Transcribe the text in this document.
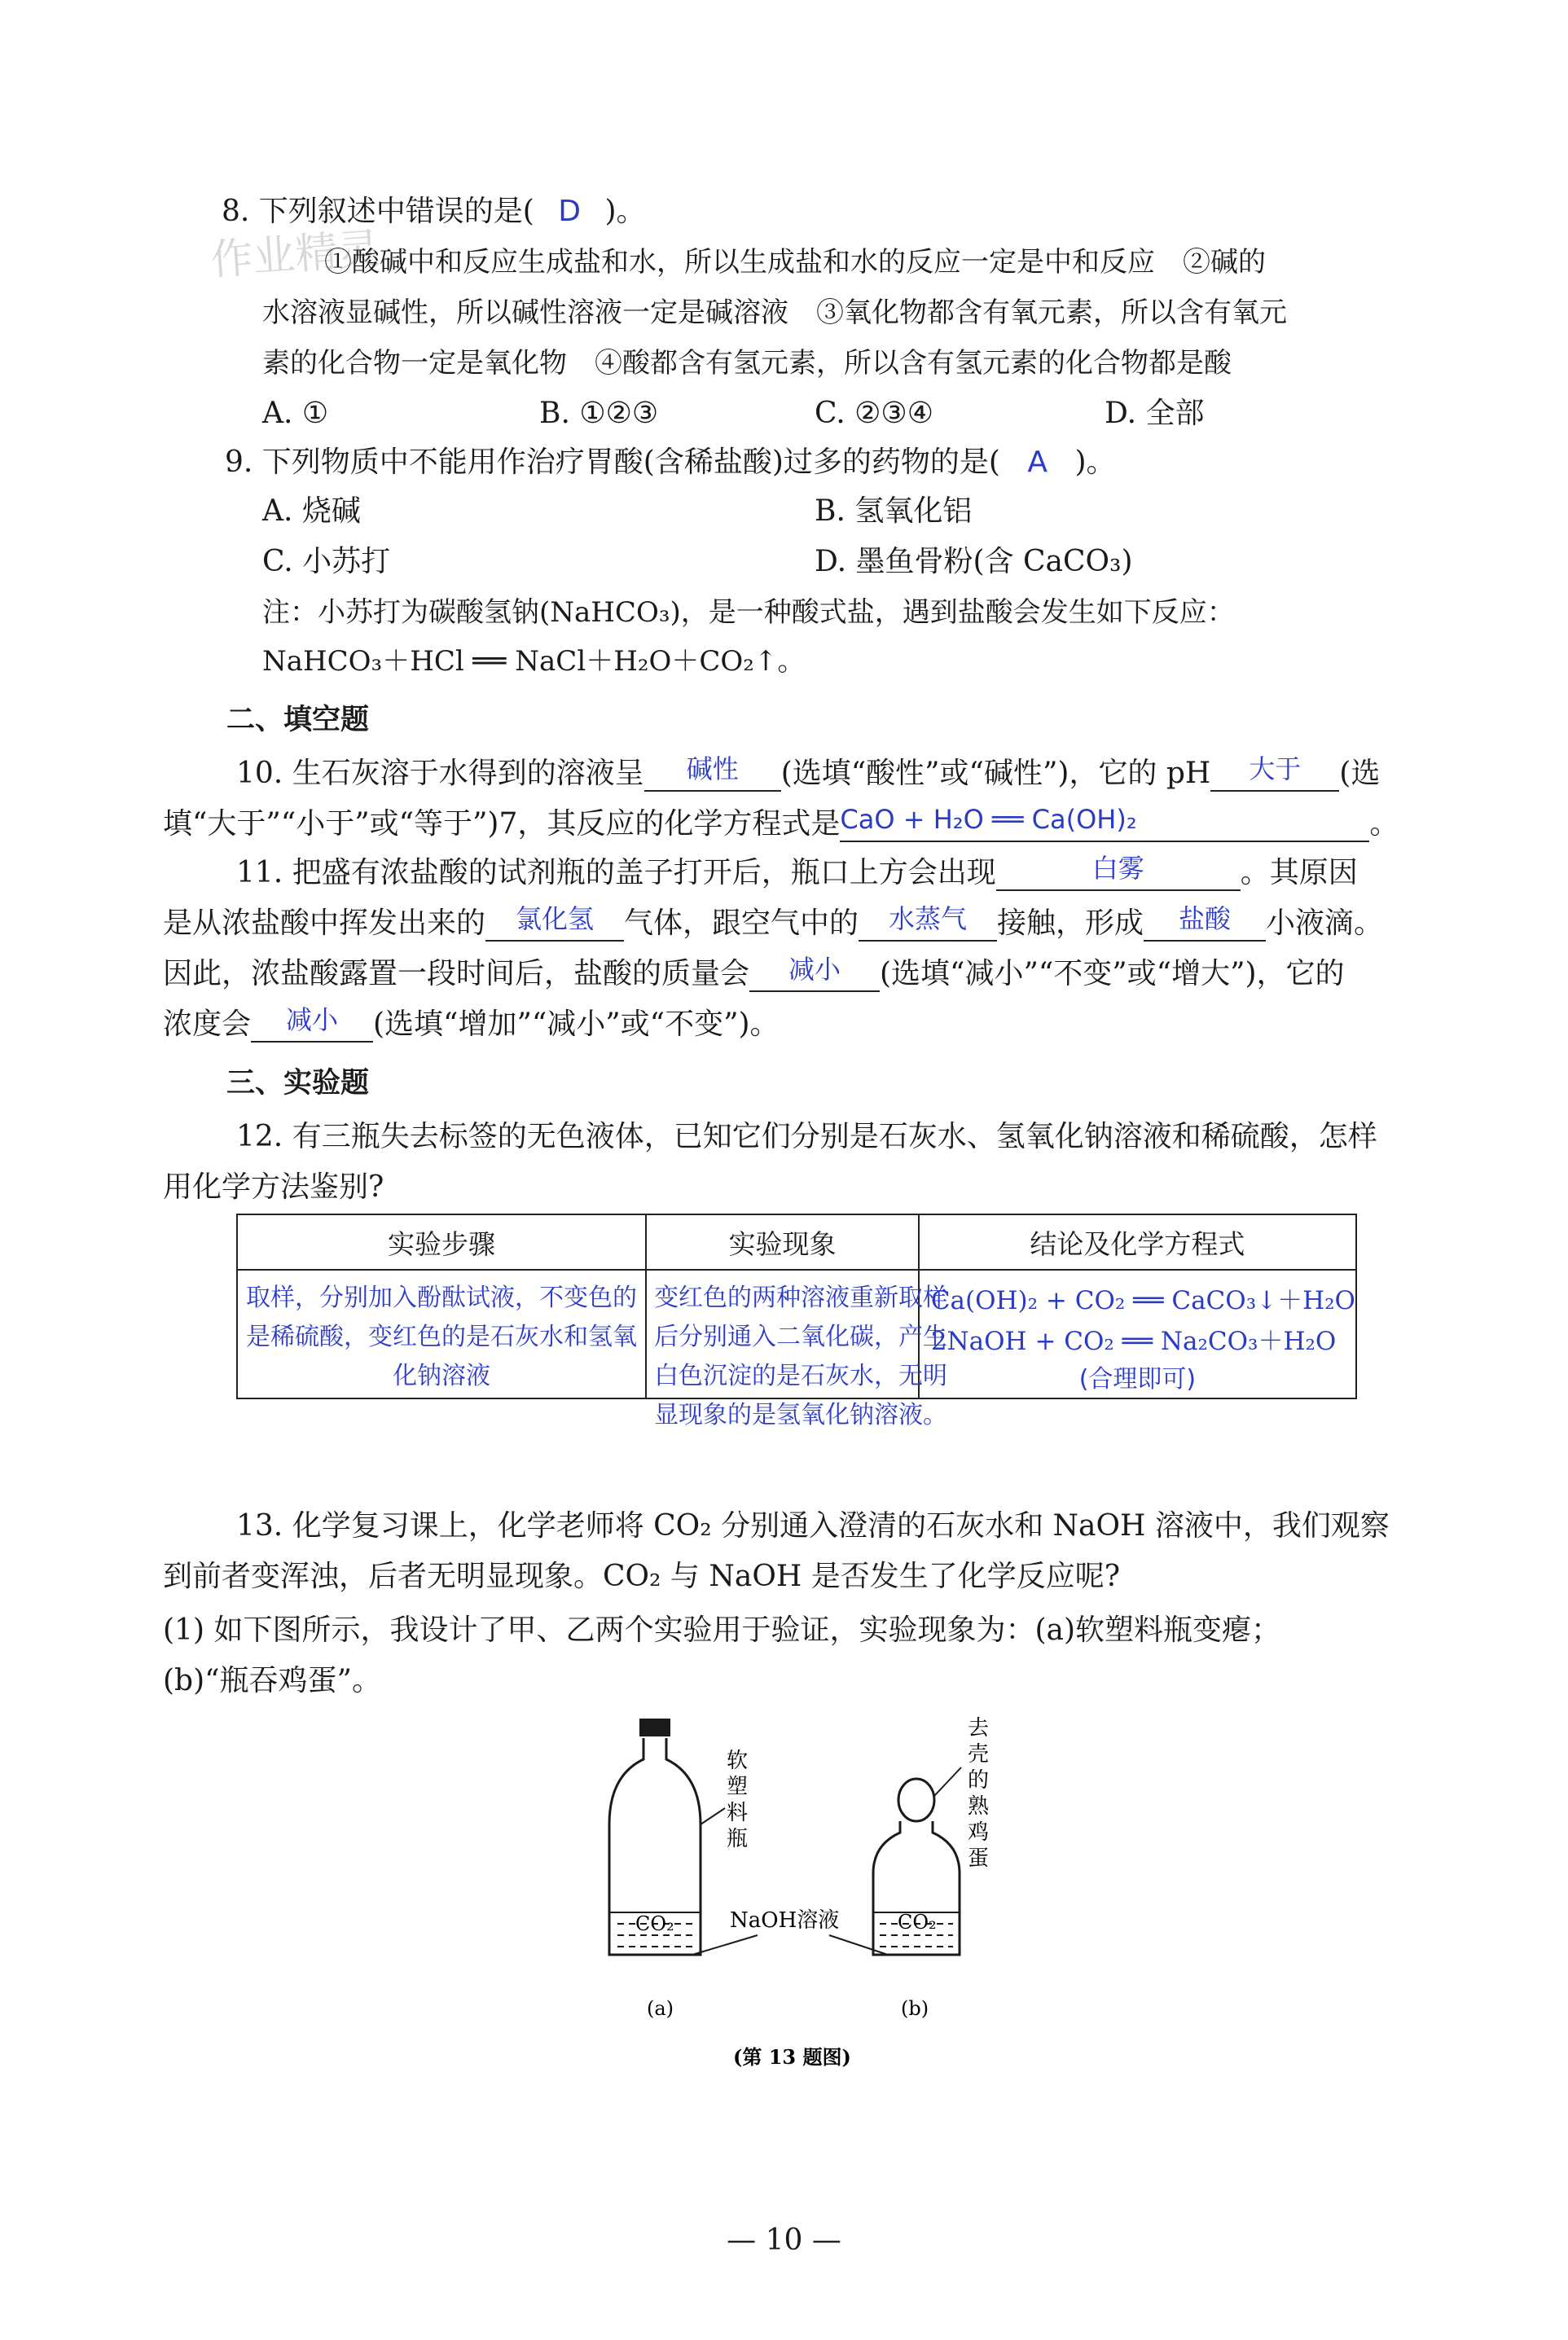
作业精灵
8. 下列叙述中错误的是( D )。
①酸碱中和反应生成盐和水，所以生成盐和水的反应一定是中和反应　②碱的
水溶液显碱性，所以碱性溶液一定是碱溶液　③氧化物都含有氧元素，所以含有氧元
素的化合物一定是氧化物　④酸都含有氢元素，所以含有氢元素的化合物都是酸
A. ①	B. ①②③	C. ②③④	D. 全部
9. 下列物质中不能用作治疗胃酸(含稀盐酸)过多的药物的是( A )。
A. 烧碱	B. 氢氧化铝
C. 小苏打	D. 墨鱼骨粉(含 CaCO₃)
注：小苏打为碳酸氢钠(NaHCO₃)，是一种酸式盐，遇到盐酸会发生如下反应：
NaHCO₃＋HCl ══ NaCl＋H₂O＋CO₂↑。
二、填空题
10. 生石灰溶于水得到的溶液呈 碱性 (选填“酸性”或“碱性”)，它的 pH 大于 (选
填“大于”“小于”或“等于”)7，其反应的化学方程式是CaO + H₂O ══ Ca(OH)₂	。
11. 把盛有浓盐酸的试剂瓶的盖子打开后，瓶口上方会出现	白雾	。其原因
是从浓盐酸中挥发出来的 氯化氢 气体，跟空气中的 水蒸气 接触，形成 盐酸 小液滴。
因此，浓盐酸露置一段时间后，盐酸的质量会 减小 (选填“减小”“不变”或“增大”)，它的
浓度会 减小 (选填“增加”“减小”或“不变”)。
三、实验题
12. 有三瓶失去标签的无色液体，已知它们分别是石灰水、氢氧化钠溶液和稀硫酸，怎样
用化学方法鉴别?
实验步骤	实验现象	结论及化学方程式

取样，分别加入酚酞试液，不变色的是稀硫酸，变红色的是石灰水和氢氧化钠溶液	变红色的两种溶液重新取样后分别通入二氧化碳，产生白色沉淀的是石灰水，无明显现象的是氢氧化钠溶液。	Ca(OH)₂ + CO₂ ══ CaCO₃↓＋H₂O
2NaOH + CO₂ ══ Na₂CO₃＋H₂O
(合理即可)
13. 化学复习课上，化学老师将 CO₂ 分别通入澄清的石灰水和 NaOH 溶液中，我们观察
到前者变浑浊，后者无明显现象。CO₂ 与 NaOH 是否发生了化学反应呢?
(1) 如下图所示，我设计了甲、乙两个实验用于验证，实验现象为：(a)软塑料瓶变瘪；
(b)“瓶吞鸡蛋”。
CO₂
软塑料瓶
CO₂
去壳的熟鸡蛋
NaOH溶液
(a)	(b)
(第 13 题图)
— 10 —
